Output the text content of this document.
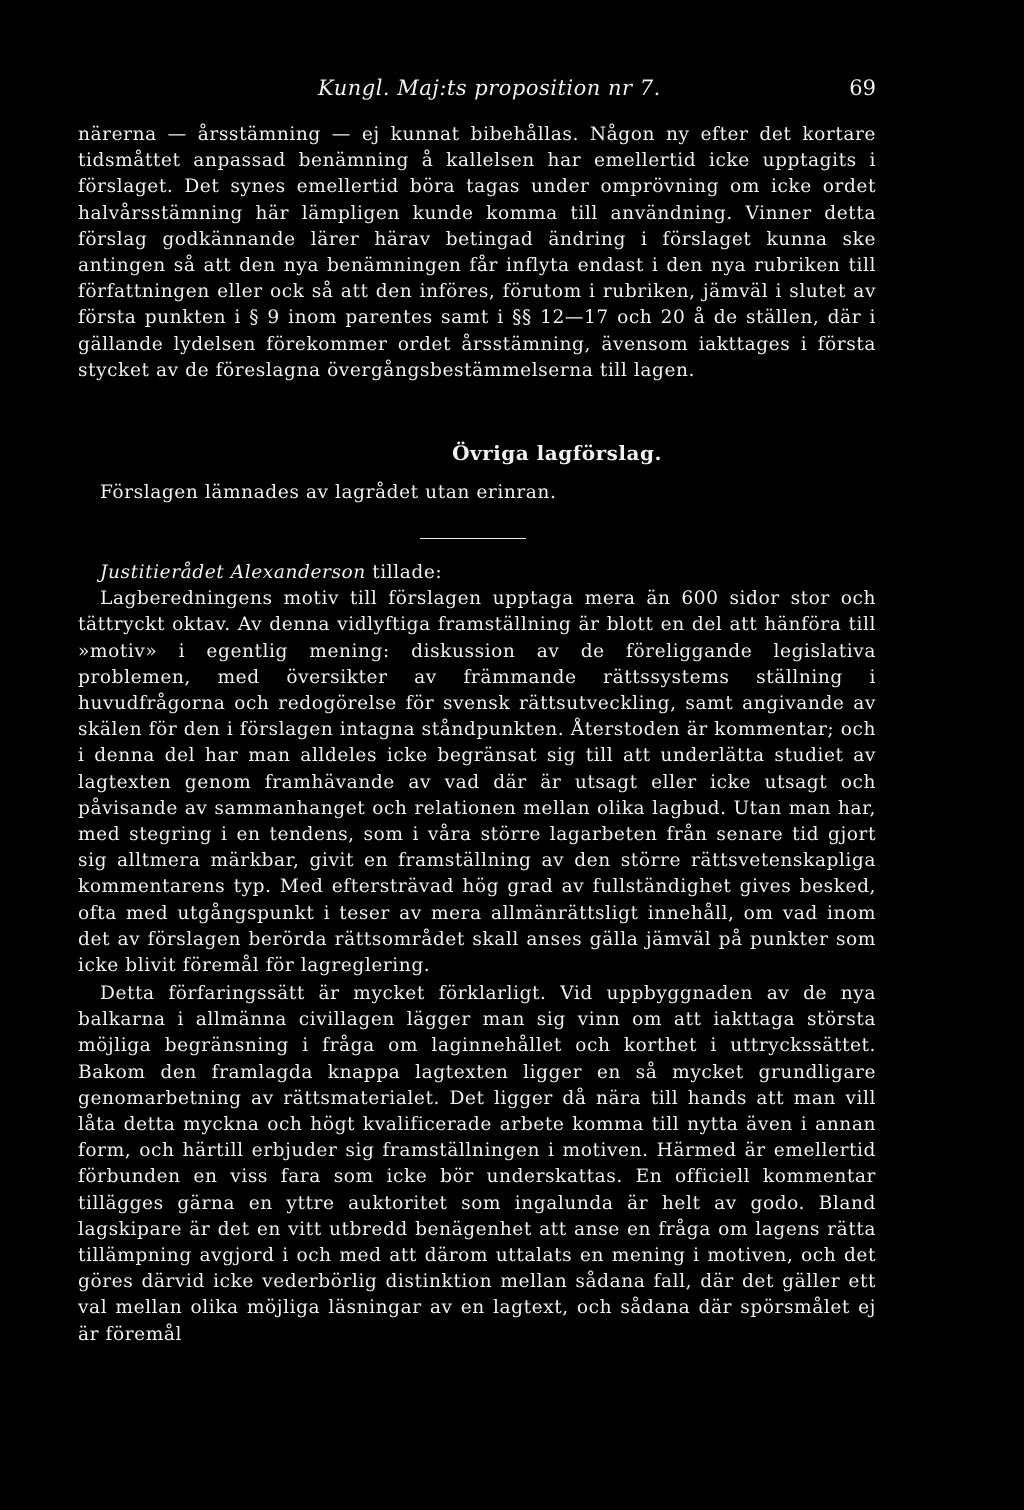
Kungl. Maj:ts proposition nr 7.	69
närerna — årsstämning — ej kunnat bibehållas. Någon ny efter det kortare tidsmåttet anpassad benämning å kallelsen har emellertid icke upptagits i förslaget. Det synes emellertid böra tagas under omprövning om icke ordet halvårsstämning här lämpligen kunde komma till användning. Vinner detta förslag godkännande lärer härav betingad ändring i förslaget kunna ske antingen så att den nya benämningen får inflyta endast i den nya rubriken till författningen eller ock så att den införes, förutom i rubriken, jämväl i slutet av första punkten i § 9 inom parentes samt i §§ 12—17 och 20 å de ställen, där i gällande lydelsen förekommer ordet årsstämning, ävensom iakttages i första stycket av de föreslagna övergångsbestämmelserna till lagen.
Övriga lagförslag.

Förslagen lämnades av lagrådet utan erinran.

Justitierådet Alexanderson tillade:

Lagberedningens motiv till förslagen upptaga mera än 600 sidor stor och tättryckt oktav. Av denna vidlyftiga framställning är blott en del att hänföra till »motiv» i egentlig mening: diskussion av de föreliggande legislativa problemen, med översikter av främmande rättssystems ställning i huvudfrågorna och redogörelse för svensk rättsutveckling, samt angivande av skälen för den i förslagen intagna ståndpunkten. Återstoden är kommentar; och i denna del har man alldeles icke begränsat sig till att underlätta studiet av lagtexten genom framhävande av vad där är utsagt eller icke utsagt och påvisande av sammanhanget och relationen mellan olika lagbud. Utan man har, med stegring i en tendens, som i våra större lagarbeten från senare tid gjort sig alltmera märkbar, givit en framställning av den större rättsvetenskapliga kommentarens typ. Med eftersträvad hög grad av fullständighet gives besked, ofta med utgångspunkt i teser av mera allmänrättsligt innehåll, om vad inom det av förslagen berörda rättsområdet skall anses gälla jämväl på punkter som icke blivit föremål för lagreglering.

Detta förfaringssätt är mycket förklarligt. Vid uppbyggnaden av de nya balkarna i allmänna civillagen lägger man sig vinn om att iakttaga största möjliga begränsning i fråga om laginnehållet och korthet i uttryckssättet. Bakom den framlagda knappa lagtexten ligger en så mycket grundligare genomarbetning av rättsmaterialet. Det ligger då nära till hands att man vill låta detta myckna och högt kvalificerade arbete komma till nytta även i annan form, och härtill erbjuder sig framställningen i motiven. Härmed är emellertid förbunden en viss fara som icke bör underskattas. En officiell kommentar tillägges gärna en yttre auktoritet som ingalunda är helt av godo. Bland lagskipare är det en vitt utbredd benägenhet att anse en fråga om lagens rätta tillämpning avgjord i och med att därom uttalats en mening i motiven, och det göres därvid icke vederbörlig distinktion mellan sådana fall, där det gäller ett val mellan olika möjliga läsningar av en lagtext, och sådana där spörsmålet ej är föremål
